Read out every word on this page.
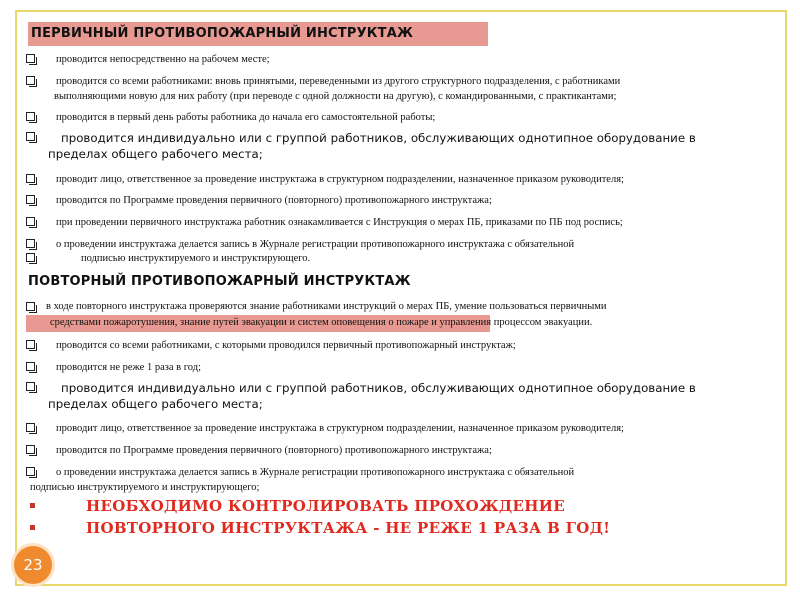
ПЕРВИЧНЫЙ ПРОТИВОПОЖАРНЫЙ ИНСТРУКТАЖ
проводится непосредственно на рабочем месте;
проводится со всеми работниками: вновь принятыми, переведенными из другого структурного подразделения, с работниками
выполняющими новую для них работу (при переводе с одной должности на другую), с командированными, с практикантами;
проводится в первый день работы работника до начала его самостоятельной работы;
проводится индивидуально или с группой работников, обслуживающих однотипное оборудование в
пределах общего рабочего места;
проводит лицо, ответственное за проведение инструктажа в структурном подразделении, назначенное приказом руководителя;
проводится по Программе проведения первичного (повторного) противопожарного инструктажа;
при проведении первичного инструктажа работник ознакамливается с Инструкция о мерах ПБ, приказами по ПБ под роспись;
о проведении инструктажа делается запись в Журнале регистрации противопожарного инструктажа с обязательной
подписью инструктируемого и инструктирующего.
ПОВТОРНЫЙ ПРОТИВОПОЖАРНЫЙ ИНСТРУКТАЖ
в ходе повторного инструктажа проверяются знание работниками инструкций о мерах ПБ, умение пользоваться первичными
средствами пожаротушения, знание путей эвакуации и систем оповещения о пожаре и управления процессом эвакуации.
проводится со всеми работниками, с которыми проводился первичный противопожарный инструктаж;
проводится не реже 1 раза в год;
проводится индивидуально или с группой работников, обслуживающих однотипное оборудование в
пределах общего рабочего места;
проводит лицо, ответственное за проведение инструктажа в структурном подразделении, назначенное приказом руководителя;
проводится по Программе проведения первичного (повторного) противопожарного инструктажа;
о проведении инструктажа делается запись в Журнале регистрации противопожарного инструктажа с обязательной
подписью инструктируемого и инструктирующего;
НЕОБХОДИМО КОНТРОЛИРОВАТЬ ПРОХОЖДЕНИЕ
ПОВТОРНОГО ИНСТРУКТАЖА - НЕ РЕЖЕ 1 РАЗА В ГОД!
23
